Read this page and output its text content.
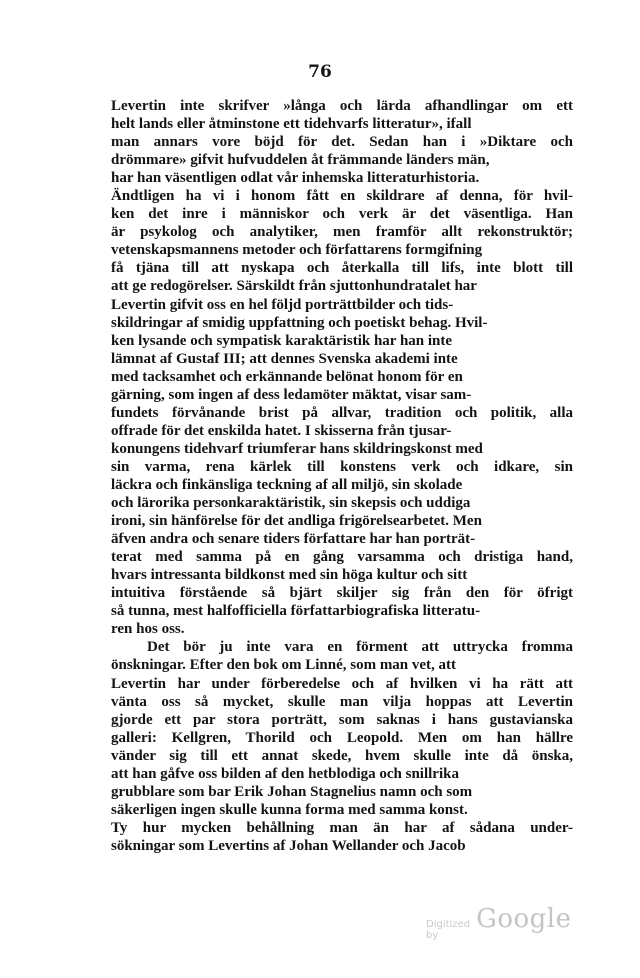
76
Levertin inte skrifver »långa och lärda afhandlingar om ett
helt lands eller åtminstone ett tidehvarfs litteratur», ifall
man annars vore böjd för det. Sedan han i »Diktare och
drömmare» gifvit hufvuddelen åt främmande länders män,
har han väsentligen odlat vår inhemska litteraturhistoria.
Ändtligen ha vi i honom fått en skildrare af denna, för hvil-
ken det inre i människor och verk är det väsentliga. Han
är psykolog och analytiker, men framför allt rekonstruktör;
vetenskapsmannens metoder och författarens formgifning
få tjäna till att nyskapa och återkalla till lifs, inte blott till
att ge redogörelser. Särskildt från sjuttonhundratalet har
Levertin gifvit oss en hel följd porträttbilder och tids-
skildringar af smidig uppfattning och poetiskt behag. Hvil-
ken lysande och sympatisk karaktäristik har han inte
lämnat af Gustaf III; att dennes Svenska akademi inte
med tacksamhet och erkännande belönat honom för en
gärning, som ingen af dess ledamöter mäktat, visar sam-
fundets förvånande brist på allvar, tradition och politik, alla
offrade för det enskilda hatet. I skisserna från tjusar-
konungens tidehvarf triumferar hans skildringskonst med
sin varma, rena kärlek till konstens verk och idkare, sin
läckra och finkänsliga teckning af all miljö, sin skolade
och lärorika personkaraktäristik, sin skepsis och uddiga
ironi, sin hänförelse för det andliga frigörelsearbetet. Men
äfven andra och senare tiders författare har han porträt-
terat med samma på en gång varsamma och dristiga hand,
hvars intressanta bildkonst med sin höga kultur och sitt
intuitiva förstående så bjärt skiljer sig från den för öfrigt
så tunna, mest halfofficiella författarbiografiska litteratu-
ren hos oss.
Det bör ju inte vara en förment att uttrycka fromma
önskningar. Efter den bok om Linné, som man vet, att
Levertin har under förberedelse och af hvilken vi ha rätt att
vänta oss så mycket, skulle man vilja hoppas att Levertin
gjorde ett par stora porträtt, som saknas i hans gustavianska
galleri: Kellgren, Thorild och Leopold. Men om han hällre
vänder sig till ett annat skede, hvem skulle inte då önska,
att han gåfve oss bilden af den hetblodiga och snillrika
grubblare som bar Erik Johan Stagnelius namn och som
säkerligen ingen skulle kunna forma med samma konst.
Ty hur mycken behållning man än har af sådana under-
sökningar som Levertins af Johan Wellander och Jacob
Digitized by
Google
